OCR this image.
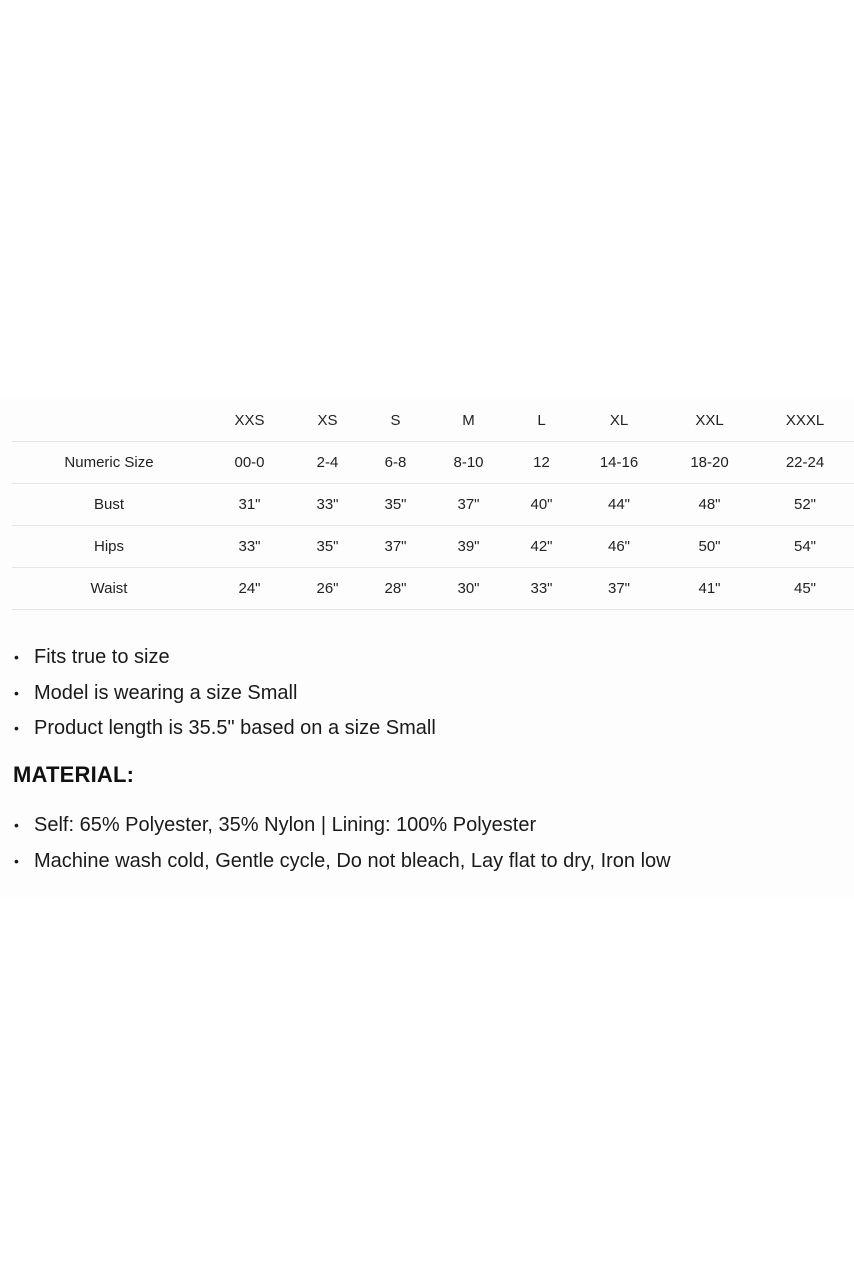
	XXS	XS	S	M	L	XL	XXL	XXXL
Numeric Size	00-0	2-4	6-8	8-10	12	14-16	18-20	22-24
Bust	31"	33"	35"	37"	40"	44"	48"	52"
Hips	33"	35"	37"	39"	42"	46"	50"	54"
Waist	24"	26"	28"	30"	33"	37"	41"	45"
• Fits true to size
• Model is wearing a size Small
• Product length is 35.5" based on a size Small
MATERIAL:
• Self: 65% Polyester, 35% Nylon | Lining: 100% Polyester
• Machine wash cold, Gentle cycle, Do not bleach, Lay flat to dry, Iron low
